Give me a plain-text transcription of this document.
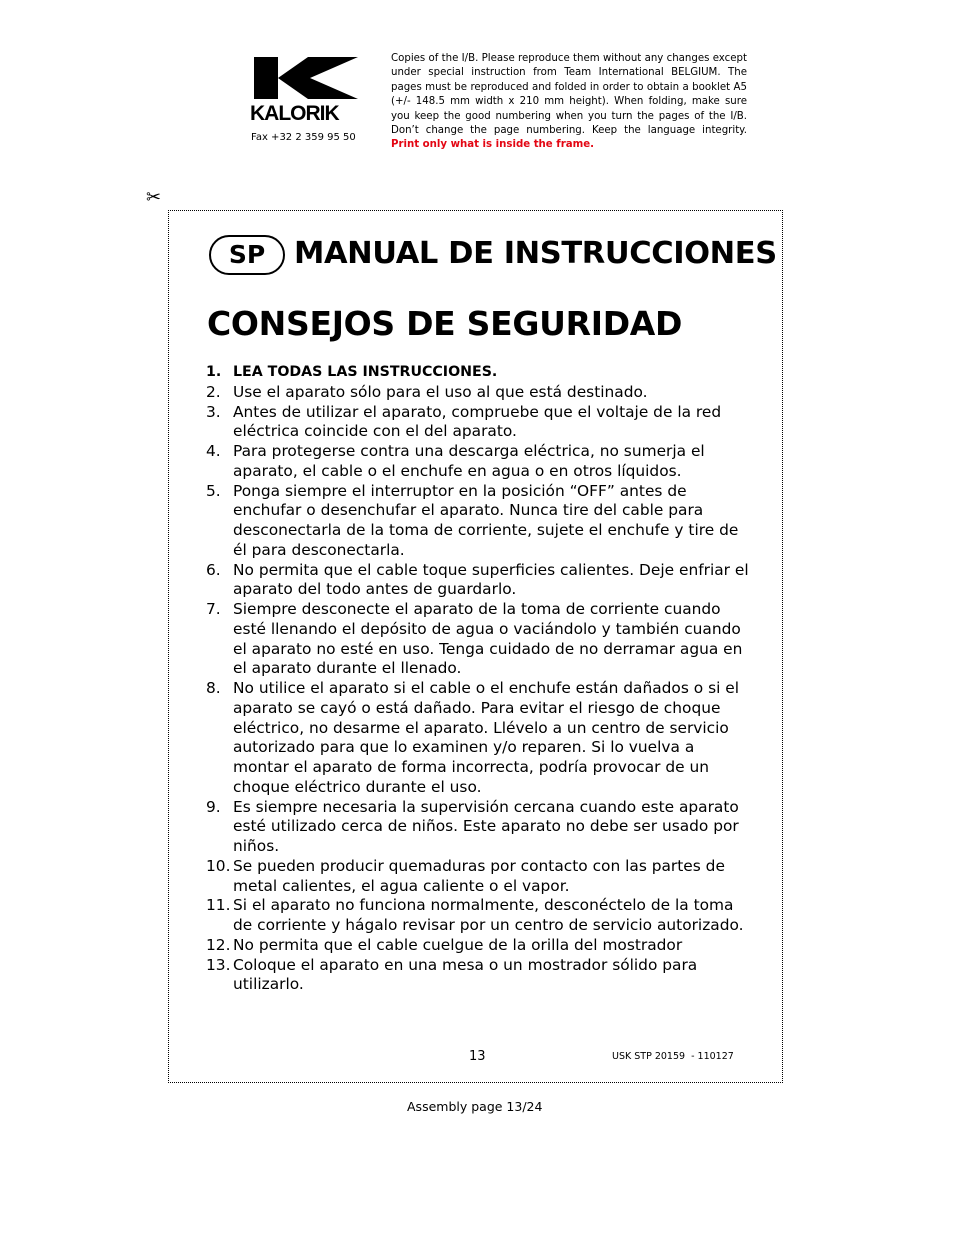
KALORIK
Fax +32 2 359 95 50
Copies of the I/B. Please reproduce them without any changes except under special instruction from Team International BELGIUM. The pages must be reproduced and folded in order to obtain a booklet A5 (+/- 148.5 mm width x 210 mm height). When folding, make sure you keep the good numbering when you turn the pages of the I/B. Don’t change the page numbering. Keep the language integrity. Print only what is inside the frame.
✂
SP MANUAL DE INSTRUCCIONES
CONSEJOS DE SEGURIDAD
1. LEA TODAS LAS INSTRUCCIONES.
2. Use el aparato sólo para el uso al que está destinado.
3. Antes de utilizar el aparato, compruebe que el voltaje de la red eléctrica coincide con el del aparato.
4. Para protegerse contra una descarga eléctrica, no sumerja el aparato, el cable o el enchufe en agua o en otros líquidos.
5. Ponga siempre el interruptor en la posición “OFF” antes de enchufar o desenchufar el aparato. Nunca tire del cable para desconectarla de la toma de corriente, sujete el enchufe y tire de él para desconectarla.
6. No permita que el cable toque superficies calientes. Deje enfriar el aparato del todo antes de guardarlo.
7. Siempre desconecte el aparato de la toma de corriente cuando esté llenando el depósito de agua o vaciándolo y también cuando el aparato no esté en uso. Tenga cuidado de no derramar agua en el aparato durante el llenado.
8. No utilice el aparato si el cable o el enchufe están dañados o si el aparato se cayó o está dañado. Para evitar el riesgo de choque eléctrico, no desarme el aparato. Llévelo a un centro de servicio autorizado para que lo examinen y/o reparen. Si lo vuelva a montar el aparato de forma incorrecta, podría provocar de un choque eléctrico durante el uso.
9. Es siempre necesaria la supervisión cercana cuando este aparato esté utilizado cerca de niños. Este aparato no debe ser usado por niños.
10. Se pueden producir quemaduras por contacto con las partes de metal calientes, el agua caliente o el vapor.
11. Si el aparato no funciona normalmente, desconéctelo de la toma de corriente y hágalo revisar por un centro de servicio autorizado.
12. No permita que el cable cuelgue de la orilla del mostrador
13. Coloque el aparato en una mesa o un mostrador sólido para utilizarlo.
13	USK STP 20159  - 110127
Assembly page 13/24
